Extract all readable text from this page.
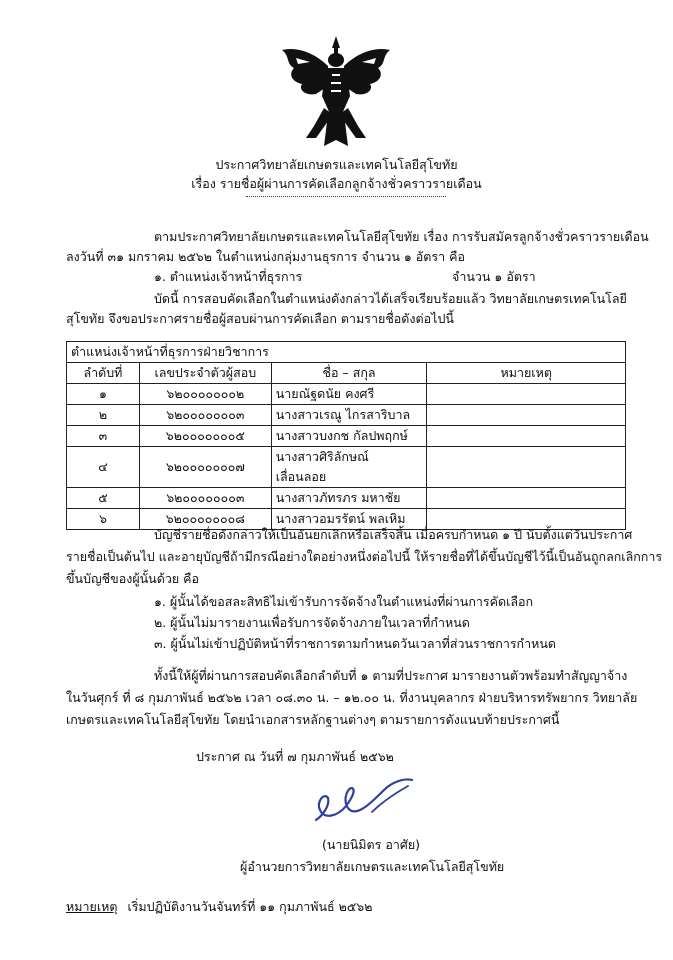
ประกาศวิทยาลัยเกษตรและเทคโนโลยีสุโขทัย
เรื่อง รายชื่อผู้ผ่านการคัดเลือกลูกจ้างชั่วคราวรายเดือน
ตามประกาศวิทยาลัยเกษตรและเทคโนโลยีสุโขทัย เรื่อง การรับสมัครลูกจ้างชั่วคราวรายเดือน
ลงวันที่ ๓๑ มกราคม ๒๕๖๒ ในตำแหน่งกลุ่มงานธุรการ จำนวน ๑ อัตรา คือ
๑. ตำแหน่งเจ้าหน้าที่ธุรการ	จำนวน ๑ อัตรา
บัดนี้ การสอบคัดเลือกในตำแหน่งดังกล่าวได้เสร็จเรียบร้อยแล้ว วิทยาลัยเกษตรเทคโนโลยี
สุโขทัย จึงขอประกาศรายชื่อผู้สอบผ่านการคัดเลือก ตามรายชื่อดังต่อไปนี้
ตำแหน่งเจ้าหน้าที่ธุรการฝ่ายวิชาการ			
ลำดับที่	เลขประจำตัวผู้สอบ	ชื่อ – สกุล	หมายเหตุ
๑	๖๒๐๐๐๐๐๐๐๒	นายณัฐดนัย คงศรี	
๒	๖๒๐๐๐๐๐๐๐๓	นางสาวเรณู ไกรสาริบาล	
๓	๖๒๐๐๐๐๐๐๐๕	นางสาวบงกช กัลปพฤกษ์	
๔	๖๒๐๐๐๐๐๐๐๗	นางสาวศิริลักษณ์ เลื่อนลอย	
๕	๖๒๐๐๐๐๐๐๐๓	นางสาวภัทรภร มหาชัย	
๖	๖๒๐๐๐๐๐๐๐๘	นางสาวอมรรัตน์ พลเหิม	
บัญชีรายชื่อดังกล่าวให้เป็นอันยกเลิกหรือเสร็จสิ้น เมื่อครบกำหนด ๑ ปี นับตั้งแต่วันประกาศ
รายชื่อเป็นต้นไป และอายุบัญชีถ้ามีกรณีอย่างใดอย่างหนึ่งต่อไปนี้ ให้รายชื่อที่ได้ขึ้นบัญชีไว้นี้เป็นอันถูกลกเลิกการ
ขึ้นบัญชีของผู้นั้นด้วย คือ
๑. ผู้นั้นได้ขอสละสิทธิไม่เข้ารับการจัดจ้างในตำแหน่งที่ผ่านการคัดเลือก
๒. ผู้นั้นไม่มารายงานเพื่อรับการจัดจ้างภายในเวลาที่กำหนด
๓. ผู้นั้นไม่เข้าปฏิบัติหน้าที่ราชการตามกำหนดวันเวลาที่ส่วนราชการกำหนด
ทั้งนี้ให้ผู้ที่ผ่านการสอบคัดเลือกลำดับที่ ๑ ตามที่ประกาศ มารายงานตัวพร้อมทำสัญญาจ้าง
ในวันศุกร์ ที่ ๘ กุมภาพันธ์ ๒๕๖๒ เวลา ๐๘.๓๐ น. – ๑๒.๐๐ น. ที่งานบุคลากร ฝ่ายบริหารทรัพยากร วิทยาลัย
เกษตรและเทคโนโลยีสุโขทัย โดยนำเอกสารหลักฐานต่างๆ ตามรายการดังแนบท้ายประกาศนี้
ประกาศ ณ วันที่ ๗ กุมภาพันธ์ ๒๕๖๒
(นายนิมิตร อาศัย)
ผู้อำนวยการวิทยาลัยเกษตรและเทคโนโลยีสุโขทัย
หมายเหตุ เริ่มปฏิบัติงานวันจันทร์ที่ ๑๑ กุมภาพันธ์ ๒๕๖๒
